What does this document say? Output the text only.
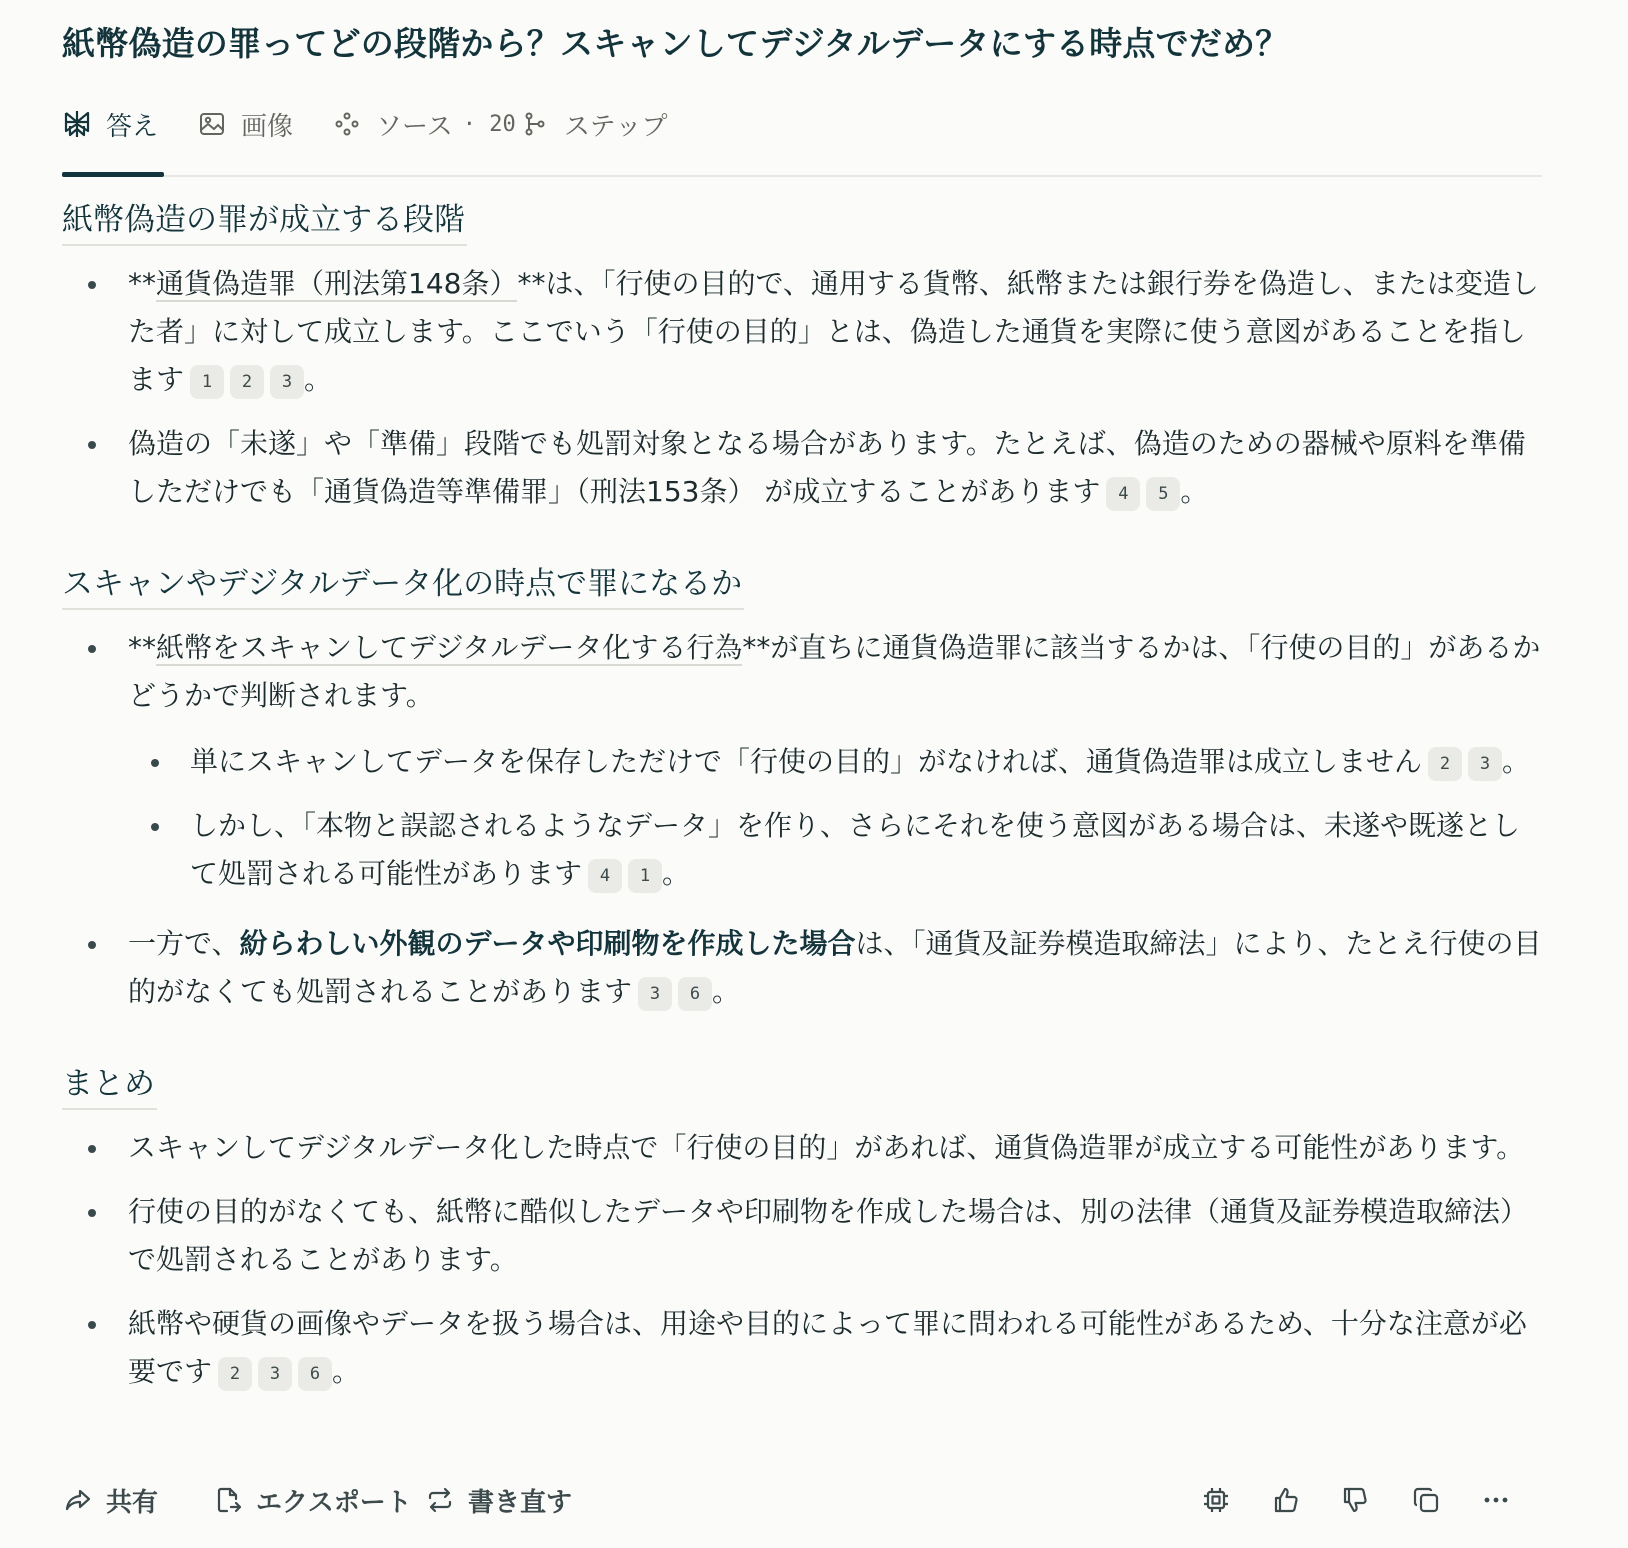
紙幣偽造の罪ってどの段階から？スキャンしてデジタルデータにする時点でだめ？
答え	画像	ソース · 20 ステップ
紙幣偽造の罪が成立する段階
**通貨偽造罪（刑法第148条）**は、「行使の目的で、通用する貨幣、紙幣または銀行券を偽造し、または変造した者」に対して成立します。ここでいう「行使の目的」とは、偽造した通貨を実際に使う意図があることを指します 1 2 3 。
偽造の「未遂」や「準備」段階でも処罰対象となる場合があります。たとえば、偽造のための器械や原料を準備しただけでも「通貨偽造等準備罪」（刑法153条） が成立することがあります 4 5 。
スキャンやデジタルデータ化の時点で罪になるか
**紙幣をスキャンしてデジタルデータ化する行為**が直ちに通貨偽造罪に該当するかは、「行使の目的」があるかどうかで判断されます。
単にスキャンしてデータを保存しただけで「行使の目的」がなければ、通貨偽造罪は成立しません 2 3 。
しかし、「本物と誤認されるようなデータ」を作り、さらにそれを使う意図がある場合は、未遂や既遂として処罰される可能性があります 4 1 。
一方で、紛らわしい外観のデータや印刷物を作成した場合は、「通貨及証券模造取締法」により、たとえ行使の目的がなくても処罰されることがあります 3 6 。
まとめ
スキャンしてデジタルデータ化した時点で「行使の目的」があれば、通貨偽造罪が成立する可能性があります。
行使の目的がなくても、紙幣に酷似したデータや印刷物を作成した場合は、別の法律（通貨及証券模造取締法）で処罰されることがあります。
紙幣や硬貨の画像やデータを扱う場合は、用途や目的によって罪に問われる可能性があるため、十分な注意が必要です 2 3 6 。
共有	エクスポート 書き直す
